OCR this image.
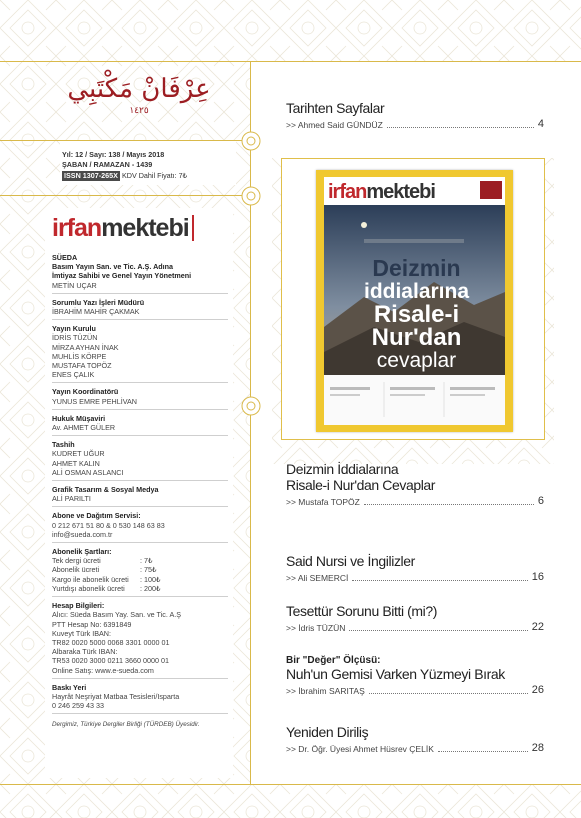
عِرْفَانْ مَكْتَبِي
١٤٢٥
Yıl: 12 / Sayı: 138 / Mayıs 2018
ŞABAN / RAMAZAN - 1439
ISSN 1307-265X KDV Dahil Fiyatı: 7₺
irfan mektebi
SÜEDA
Basım Yayın San. ve Tic. A.Ş. Adına
İmtiyaz Sahibi ve Genel Yayın Yönetmeni
METİN UÇAR
Sorumlu Yazı İşleri Müdürü
İBRAHİM MAHİR ÇAKMAK
Yayın Kurulu
İDRİS TÜZÜN
MİRZA AYHAN İNAK
MUHLİS KÖRPE
MUSTAFA TOPÖZ
ENES ÇALIK
Yayın Koordinatörü
YUNUS EMRE PEHLİVAN
Hukuk Müşaviri
Av. AHMET GÜLER
Tashih
KUDRET UĞUR
AHMET KALIN
ALİ OSMAN ASLANCI
Grafik Tasarım & Sosyal Medya
ALİ PARILTI
Abone ve Dağıtım Servisi:
0 212 671 51 80 & 0 530 148 63 83
info@sueda.com.tr
Abonelik Şartları:
Tek dergi ücreti	: 7₺
Abonelik ücreti	: 75₺
Kargo ile abonelik ücreti	: 100₺
Yurtdışı abonelik ücreti	: 200₺
Hesap Bilgileri:
Alıcı: Süeda Basım Yay. San. ve Tic. A.Ş
PTT Hesap No: 6391849
Kuveyt Türk IBAN:
TR82 0020 5000 0068 3301 0000 01
Albaraka Türk IBAN:
TR53 0020 3000 0211 3660 0000 01
Online Satış: www.e-sueda.com
Baskı Yeri
Hayrât Neşriyat Matbaa Tesisleri/Isparta
0 246 259 43 33
Dergimiz, Türkiye Dergiler Birliği (TÜRDEB) Üyesidir.
Tarihten Sayfalar
>> Ahmed Said GÜNDÜZ	4
irfanmektebi
Deizmin
iddialarına
Risale-i
Nur'dan
cevaplar
Deizmin İddialarına
Risale-i Nur'dan Cevaplar
>> Mustafa TOPÖZ	6
Said Nursi ve İngilizler
>> Ali SEMERCİ	16
Tesettür Sorunu Bitti (mi?)
>> İdris TÜZÜN	22
Bir "Değer" Ölçüsü:
Nuh'un Gemisi Varken Yüzmeyi Bırak
>> İbrahim SARITAŞ	26
Yeniden Diriliş
>> Dr. Öğr. Üyesi Ahmet Hüsrev ÇELİK	28
